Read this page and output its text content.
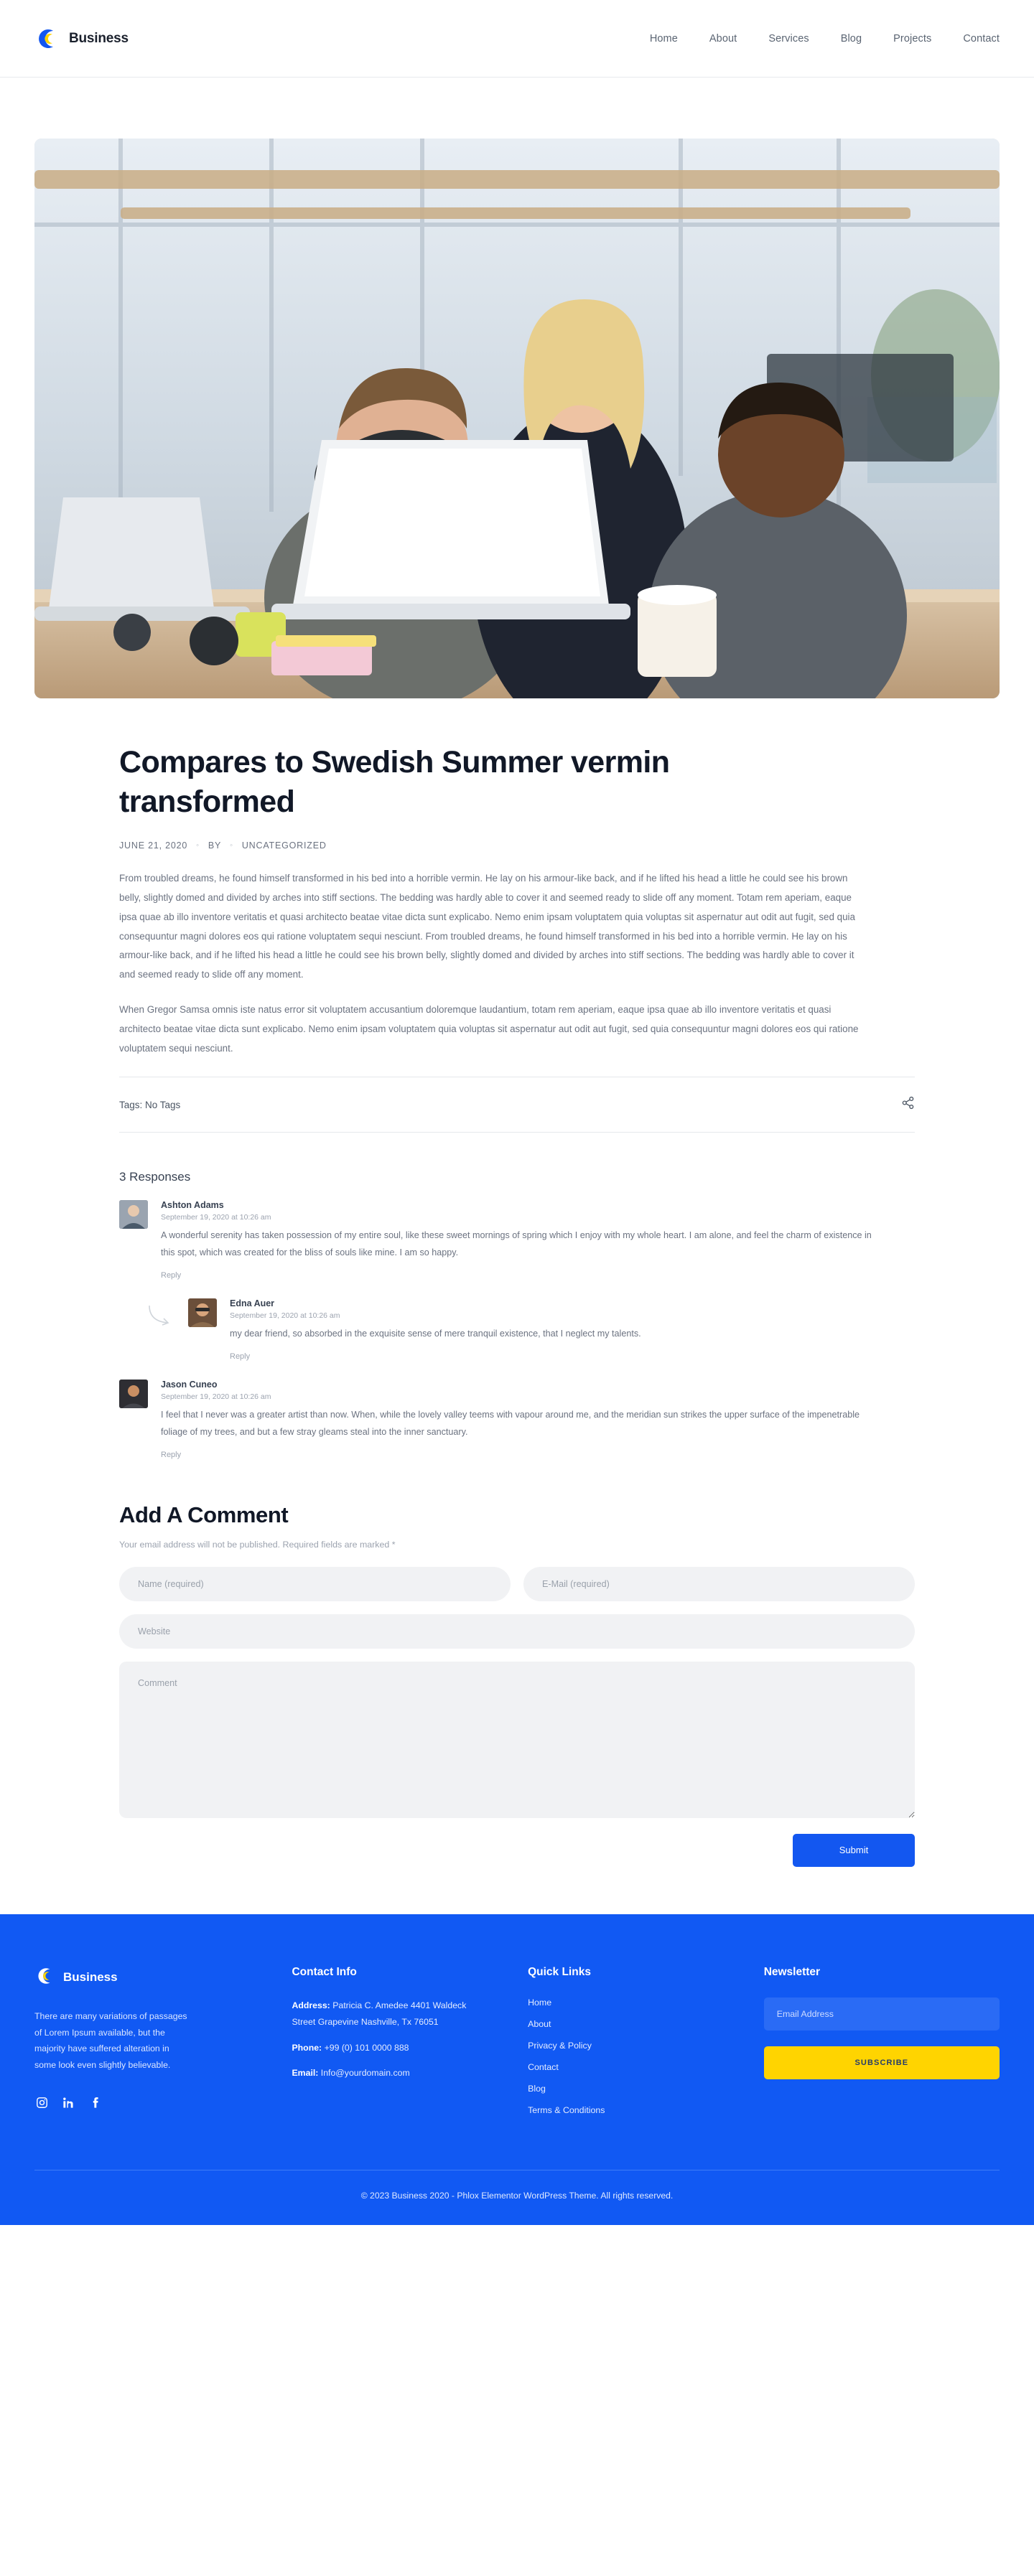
Business	Home	About	Services	Blog	Projects	Contact
Compares to Swedish Summer vermin transformed
JUNE 21, 2020 ◦ BY ◦ UNCATEGORIZED

From troubled dreams, he found himself transformed in his bed into a horrible vermin. He lay on his armour-like back, and if he lifted his head a little he could see his brown belly, slightly domed and divided by arches into stiff sections. The bedding was hardly able to cover it and seemed ready to slide off any moment. Totam rem aperiam, eaque ipsa quae ab illo inventore veritatis et quasi architecto beatae vitae dicta sunt explicabo. Nemo enim ipsam voluptatem quia voluptas sit aspernatur aut odit aut fugit, sed quia consequuntur magni dolores eos qui ratione voluptatem sequi nesciunt. From troubled dreams, he found himself transformed in his bed into a horrible vermin. He lay on his armour-like back, and if he lifted his head a little he could see his brown belly, slightly domed and divided by arches into stiff sections. The bedding was hardly able to cover it and seemed ready to slide off any moment.

When Gregor Samsa omnis iste natus error sit voluptatem accusantium doloremque laudantium, totam rem aperiam, eaque ipsa quae ab illo inventore veritatis et quasi architecto beatae vitae dicta sunt explicabo. Nemo enim ipsam voluptatem quia voluptas sit aspernatur aut odit aut fugit, sed quia consequuntur magni dolores eos qui ratione voluptatem sequi nesciunt.

Tags: No Tags
3 Responses
Ashton Adams
September 19, 2020 at 10:26 am
A wonderful serenity has taken possession of my entire soul, like these sweet mornings of spring which I enjoy with my whole heart. I am alone, and feel the charm of existence in this spot, which was created for the bliss of souls like mine. I am so happy.
Reply
Edna Auer
September 19, 2020 at 10:26 am
my dear friend, so absorbed in the exquisite sense of mere tranquil existence, that I neglect my talents.
Reply
Jason Cuneo
September 19, 2020 at 10:26 am
I feel that I never was a greater artist than now. When, while the lovely valley teems with vapour around me, and the meridian sun strikes the upper surface of the impenetrable foliage of my trees, and but a few stray gleams steal into the inner sanctuary.
Reply
Add A Comment
Your email address will not be published. Required fields are marked *
Name (required)
E-Mail (required)
Website
Comment
Submit
Business

There are many variations of passages of Lorem Ipsum available, but the majority have suffered alteration in some look even slightly believable.

Contact Info
Address: Patricia C. Amedee 4401 Waldeck Street Grapevine Nashville, Tx 76051
Phone: +99 (0) 101 0000 888
Email: Info@yourdomain.com
Quick Links
Home
About
Privacy & Policy
Contact
Blog
Terms & Conditions
Newsletter
Email Address SUBSCRIBE
© 2023 Business 2020 - Phlox Elementor WordPress Theme. All rights reserved.
